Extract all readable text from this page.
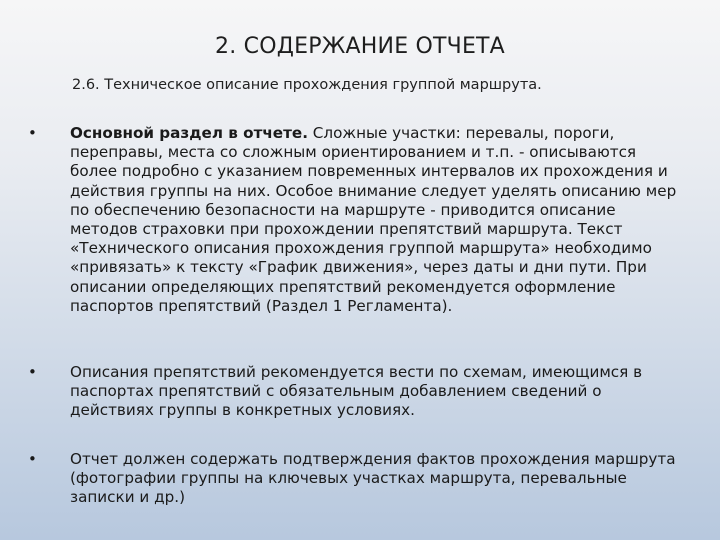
2. СОДЕРЖАНИЕ ОТЧЕТА
2.6. Техническое описание прохождения группой маршрута.
•	Основной раздел в отчете. Сложные участки: перевалы, пороги, переправы, места со сложным ориентированием и т.п. - описываются более подробно с указанием повременных интервалов их прохождения и действия группы на них. Особое внимание следует уделять описанию мер по обеспечению безопасности на маршруте - приводится описание методов страховки при прохождении препятствий маршрута. Текст «Технического описания прохождения группой маршрута» необходимо «привязать» к тексту «График движения», через даты и дни пути. При описании определяющих препятствий рекомендуется оформление паспортов препятствий (Раздел 1 Регламента).
•	Описания препятствий рекомендуется вести по схемам, имеющимся в паспортах препятствий с обязательным добавлением сведений о действиях группы в конкретных условиях.
•	Отчет должен содержать подтверждения фактов прохождения маршрута (фотографии группы на ключевых участках маршрута, перевальные записки и др.)
